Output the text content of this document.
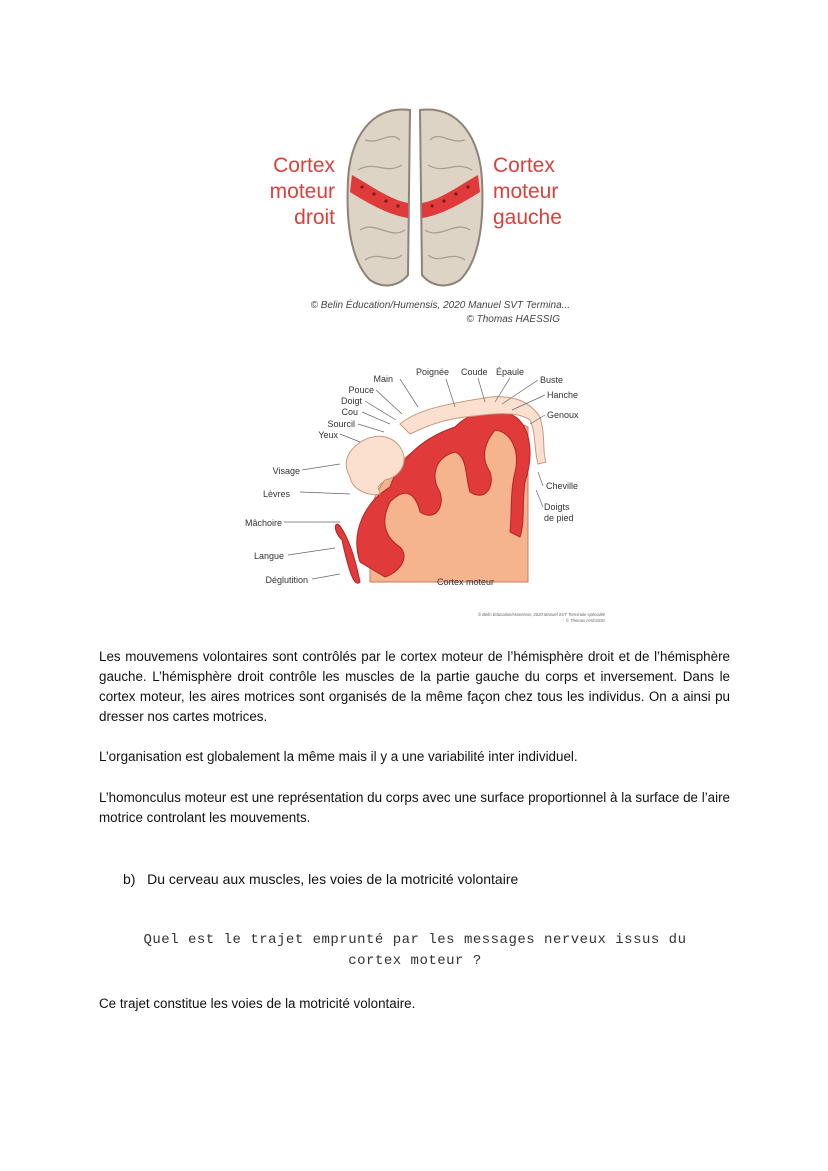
Cortex
moteur
droit
Cortex
moteur
gauche
© Belin Éducation/Humensis, 2020 Manuel SVT Termina...
© Thomas HAESSIG
Main
Pouce
Doigt
Cou
Sourcil
Yeux
Visage
Lèvres
Mâchoire
Langue
Déglutition
Poignée Coude Épaule
Buste
Hanche
Genoux
Cheville
Doigts
de pied
Cortex moteur
© Belin Éducation/Humensis, 2020 Manuel SVT Terminale spécialité
© Thomas HAESSIG

Les mouvemens volontaires sont contrôlés par le cortex moteur de l’hémisphère droit et de l’hémisphère gauche. L’hémisphère droit contrôle les muscles de la partie gauche du corps et inversement. Dans le cortex moteur, les aires motrices sont organisés de la même façon chez tous les individus. On a ainsi pu dresser nos cartes motrices.

L’organisation est globalement la même mais il y a une variabilité inter individuel.

L’homonculus moteur est une représentation du corps avec une surface proportionnel à la surface de l’aire motrice controlant les mouvements.

b)   Du cerveau aux muscles, les voies de la motricité volontaire

Quel est le trajet emprunté par les messages nerveux issus du
cortex moteur ?

Ce trajet constitue les voies de la motricité volontaire.
